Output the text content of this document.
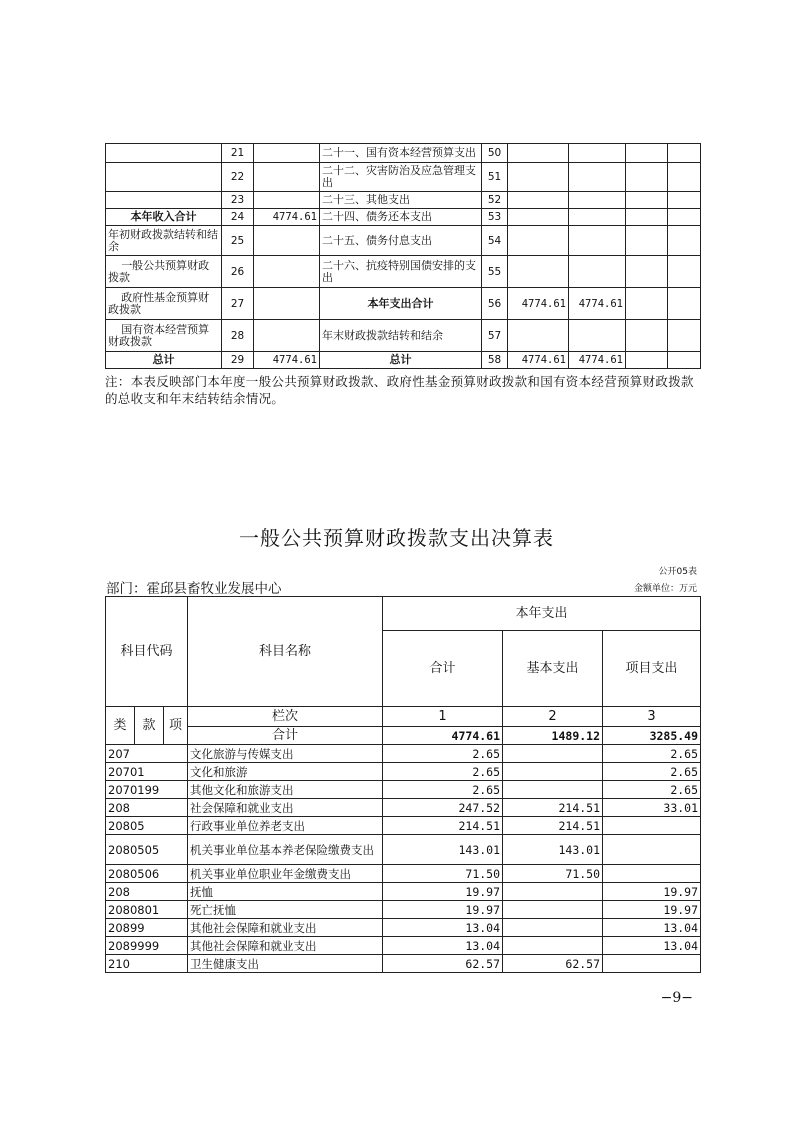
	21		二十一、国有资本经营预算支出	50				
	22		二十二、灾害防治及应急管理支出	51				
	23		二十三、其他支出	52				
本年收入合计	24	4774.61	二十四、债务还本支出	53				
年初财政拨款结转和结余	25		二十五、债务付息支出	54				
一般公共预算财政拨款	26		二十六、抗疫特别国债安排的支出	55				
政府性基金预算财政拨款	27		本年支出合计	56	4774.61	4774.61		
国有资本经营预算财政拨款	28		年末财政拨款结转和结余	57				
总计	29	4774.61	总计	58	4774.61	4774.61		
注：本表反映部门本年度一般公共预算财政拨款、政府性基金预算财政拨款和国有资本经营预算财政拨款的总收支和年末结转结余情况。
一般公共预算财政拨款支出决算表
公开05表
部门：霍邱县畜牧业发展中心	金额单位：万元
科目代码			科目名称	本年支出		
				合计	基本支出	项目支出
类	款	项	栏次	1	2	3
			合计	4774.61	1489.12	3285.49
207			文化旅游与传媒支出	2.65		2.65
20701			文化和旅游	2.65		2.65
2070199			其他文化和旅游支出	2.65		2.65
208			社会保障和就业支出	247.52	214.51	33.01
20805			行政事业单位养老支出	214.51	214.51	
2080505			机关事业单位基本养老保险缴费支出	143.01	143.01	
2080506			机关事业单位职业年金缴费支出	71.50	71.50	
208			抚恤	19.97		19.97
2080801			死亡抚恤	19.97		19.97
20899			其他社会保障和就业支出	13.04		13.04
2089999			其他社会保障和就业支出	13.04		13.04
210			卫生健康支出	62.57	62.57	
−9−
